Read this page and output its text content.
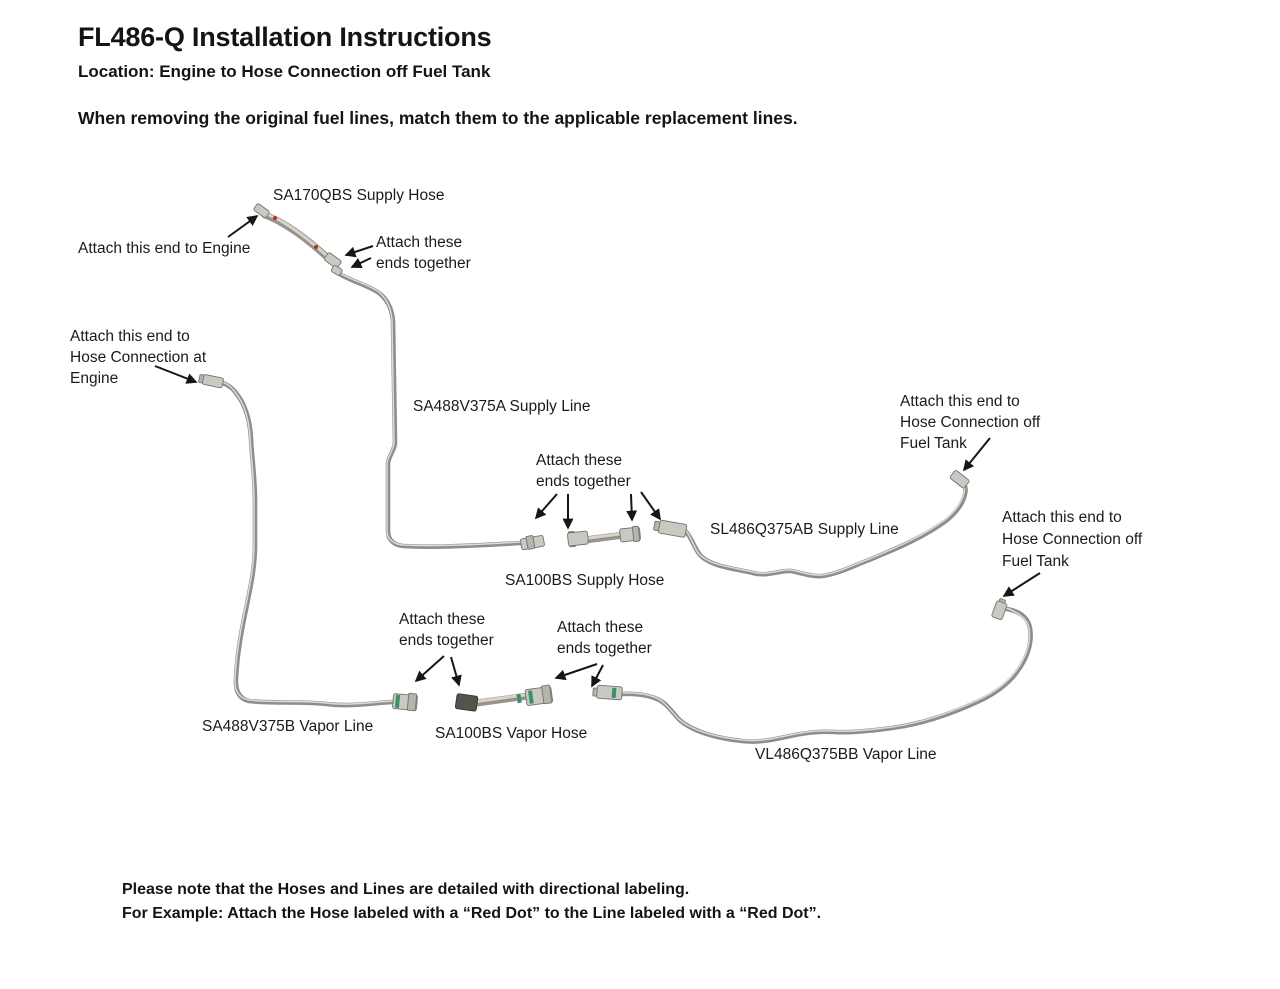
FL486-Q Installation Instructions
Location: Engine to Hose Connection off Fuel Tank
When removing the original fuel lines, match them to the applicable replacement lines.
SA170QBS Supply Hose
SA488V375A Supply Line
SA100BS Supply Hose
SL486Q375AB Supply Line
SA488V375B Vapor Line	SA100BS Vapor Hose
VL486Q375BB Vapor Line
Attach this end to Engine	Attach these
ends together
Attach this end to
Hose Connection at
Engine
Attach these
ends together
Attach this end to
Hose Connection off
Fuel Tank
Attach this end to
Hose Connection off
Fuel Tank
Attach these
ends together
Attach these
ends together
Please note that the Hoses and Lines are detailed with directional labeling.
For Example: Attach the Hose labeled with a “Red Dot” to the Line labeled with a “Red Dot”.
